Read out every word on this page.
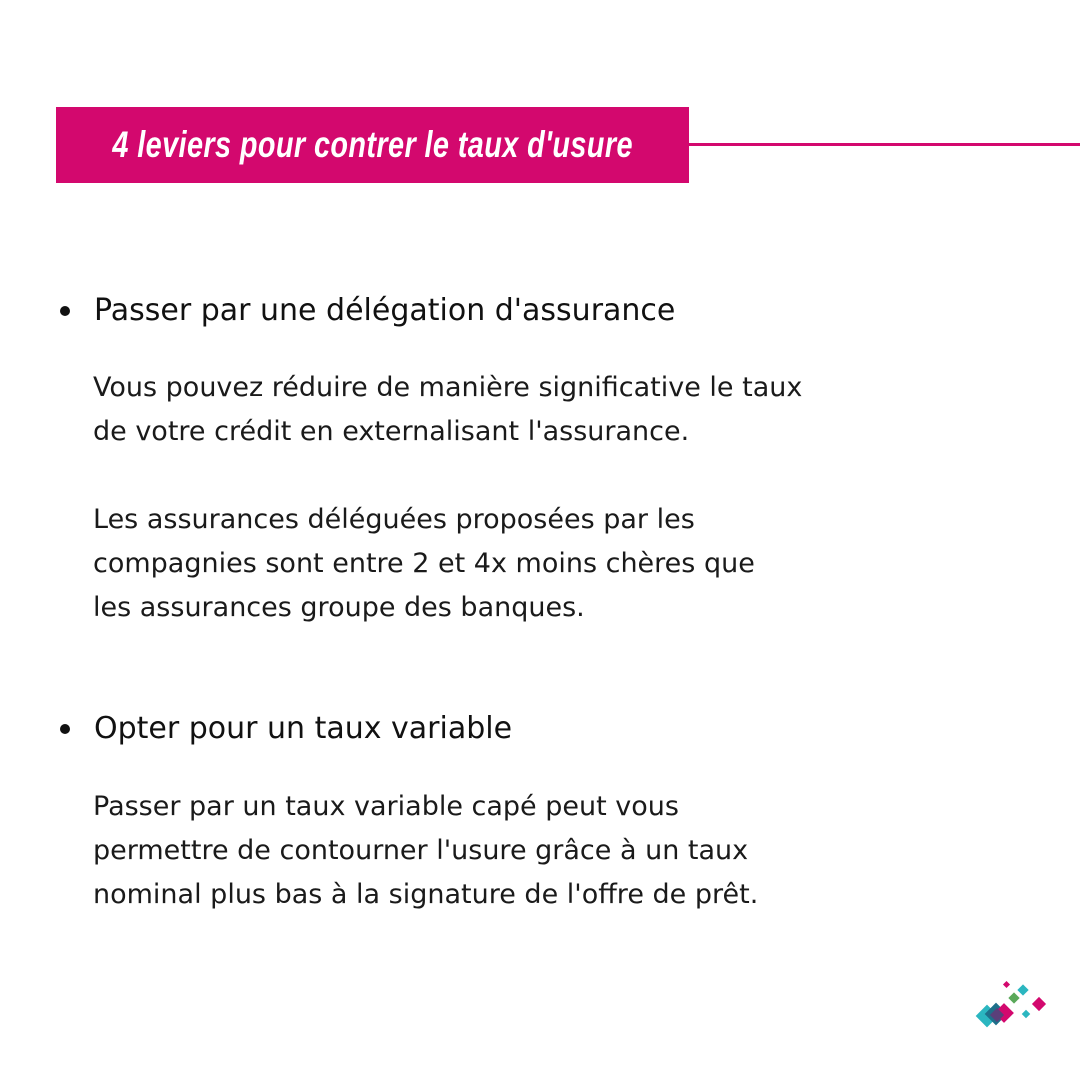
4 leviers pour contrer le taux d'usure
Passer par une délégation d'assurance

Vous pouvez réduire de manière significative le taux
de votre crédit en externalisant l'assurance.

Les assurances déléguées proposées par les
compagnies sont entre 2 et 4x moins chères que
les assurances groupe des banques.

Opter pour un taux variable

Passer par un taux variable capé peut vous
permettre de contourner l'usure grâce à un taux
nominal plus bas à la signature de l'offre de prêt.
